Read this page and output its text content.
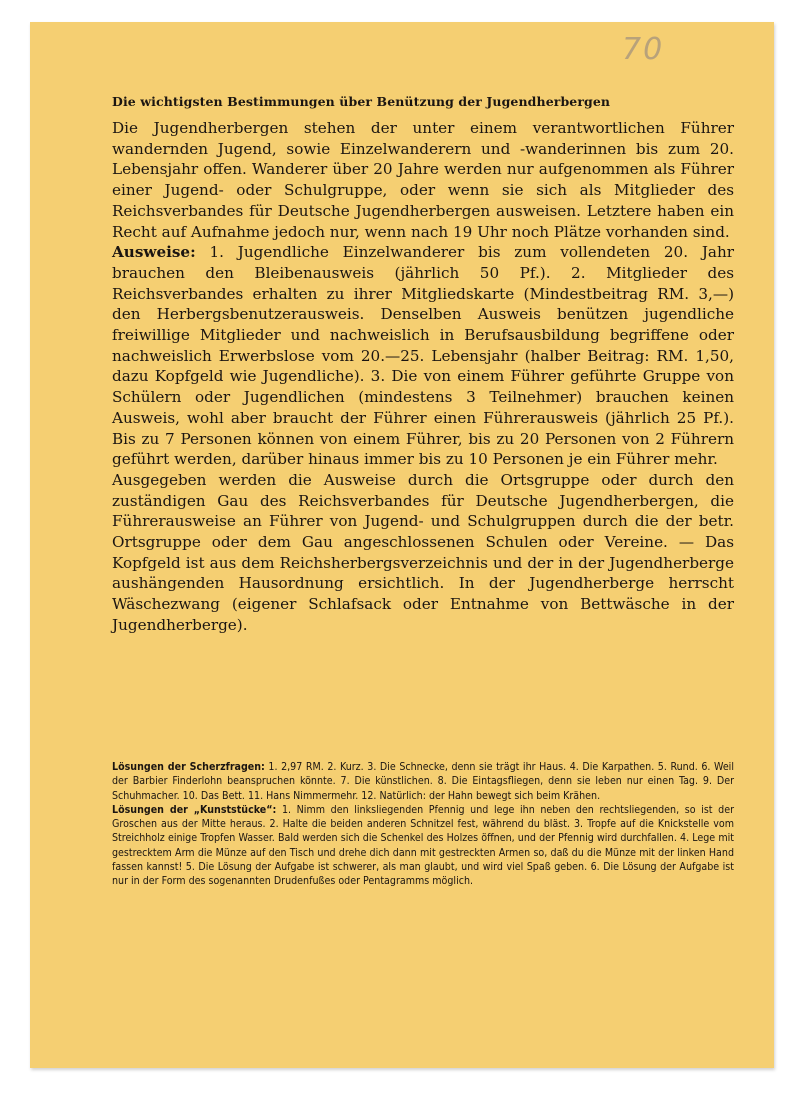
70
Die wichtigsten Bestimmungen über Benützung der Jugendherbergen

Die Jugendherbergen stehen der unter einem verantwortlichen Führer wandernden Jugend, sowie Einzelwanderern und -wanderinnen bis zum 20. Lebensjahr offen. Wanderer über 20 Jahre werden nur aufgenommen als Führer einer Jugend- oder Schulgruppe, oder wenn sie sich als Mitglieder des Reichsverbandes für Deutsche Jugendherbergen ausweisen. Letztere haben ein Recht auf Aufnahme jedoch nur, wenn nach 19 Uhr noch Plätze vorhanden sind.

Ausweise: 1. Jugendliche Einzelwanderer bis zum vollendeten 20. Jahr brauchen den Bleibenausweis (jährlich 50 Pf.). 2. Mitglieder des Reichsverbandes erhalten zu ihrer Mitgliedskarte (Mindestbeitrag RM. 3,—) den Herbergsbenutzerausweis. Denselben Ausweis benützen jugendliche freiwillige Mitglieder und nachweislich in Berufsausbildung begriffene oder nachweislich Erwerbslose vom 20.—25. Lebensjahr (halber Beitrag: RM. 1,50, dazu Kopfgeld wie Jugendliche). 3. Die von einem Führer geführte Gruppe von Schülern oder Jugendlichen (mindestens 3 Teilnehmer) brauchen keinen Ausweis, wohl aber braucht der Führer einen Führerausweis (jährlich 25 Pf.). Bis zu 7 Personen können von einem Führer, bis zu 20 Personen von 2 Führern geführt werden, darüber hinaus immer bis zu 10 Personen je ein Führer mehr.

Ausgegeben werden die Ausweise durch die Ortsgruppe oder durch den zuständigen Gau des Reichsverbandes für Deutsche Jugendherbergen, die Führerausweise an Führer von Jugend- und Schulgruppen durch die der betr. Ortsgruppe oder dem Gau angeschlossenen Schulen oder Vereine. — Das Kopfgeld ist aus dem Reichsherbergsverzeichnis und der in der Jugendherberge aushängenden Hausordnung ersichtlich. In der Jugendherberge herrscht Wäschezwang (eigener Schlafsack oder Entnahme von Bettwäsche in der Jugendherberge).

Lösungen der Scherzfragen: 1. 2,97 RM. 2. Kurz. 3. Die Schnecke, denn sie trägt ihr Haus. 4. Die Karpathen. 5. Rund. 6. Weil der Barbier Finderlohn beanspruchen könnte. 7. Die künstlichen. 8. Die Eintagsfliegen, denn sie leben nur einen Tag. 9. Der Schuhmacher. 10. Das Bett. 11. Hans Nimmermehr. 12. Natürlich: der Hahn bewegt sich beim Krähen.

Lösungen der „Kunststücke“: 1. Nimm den linksliegenden Pfennig und lege ihn neben den rechtsliegenden, so ist der Groschen aus der Mitte heraus. 2. Halte die beiden anderen Schnitzel fest, während du bläst. 3. Tropfe auf die Knickstelle vom Streichholz einige Tropfen Wasser. Bald werden sich die Schenkel des Holzes öffnen, und der Pfennig wird durchfallen. 4. Lege mit gestrecktem Arm die Münze auf den Tisch und drehe dich dann mit gestreckten Armen so, daß du die Münze mit der linken Hand fassen kannst! 5. Die Lösung der Aufgabe ist schwerer, als man glaubt, und wird viel Spaß geben. 6. Die Lösung der Aufgabe ist nur in der Form des sogenannten Drudenfußes oder Pentagramms möglich.
